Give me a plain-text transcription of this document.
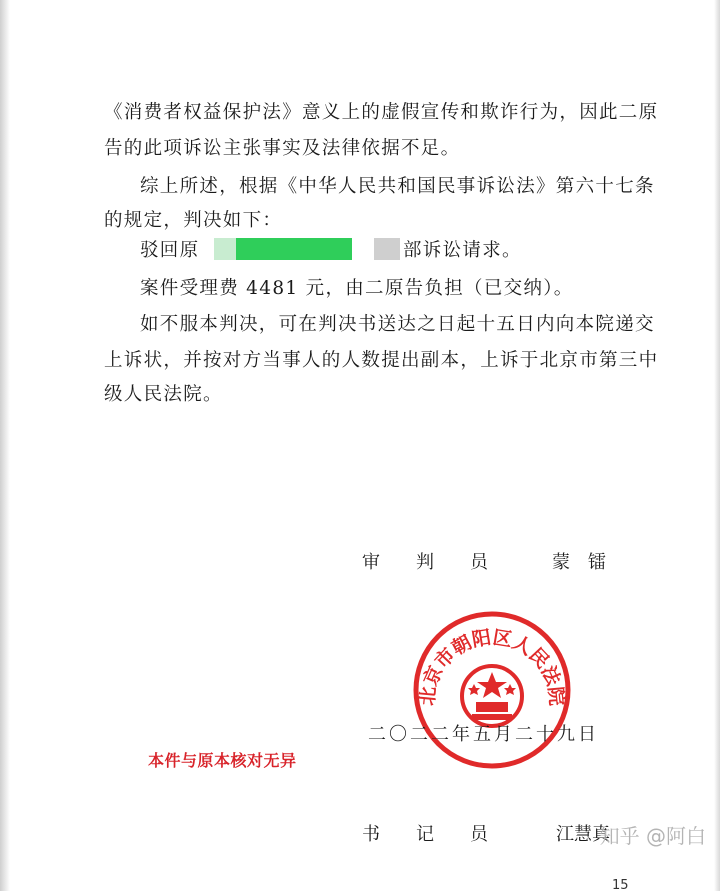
《消费者权益保护法》意义上的虚假宣传和欺诈行为，因此二原
告的此项诉讼主张事实及法律依据不足。
综上所述，根据《中华人民共和国民事诉讼法》第六十七条
的规定，判决如下：
驳回原	部诉讼请求。
案件受理费 4481 元，由二原告负担（已交纳）。
如不服本判决，可在判决书送达之日起十五日内向本院递交
上诉状，并按对方当事人的人数提出副本，上诉于北京市第三中
级人民法院。
审　　判　　员	蒙　镭
北京市朝阳区人民法院
二〇二二年五月二十九日
本件与原本核对无异
书　　记　　员	江慧真
知乎 @阿白
15
